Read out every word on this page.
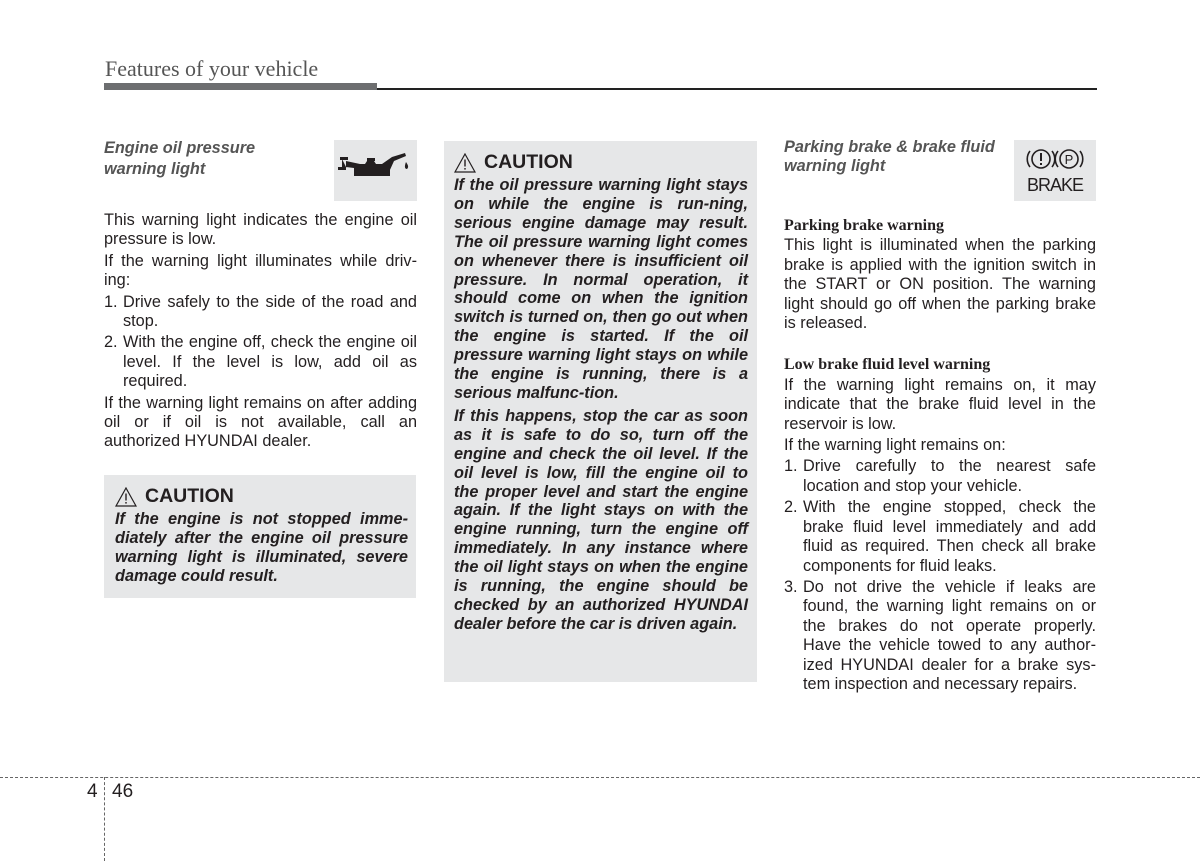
Features of your vehicle
Engine oil pressure warning light

This warning light indicates the engine oil pressure is low.

If the warning light illuminates while driv-ing:

1. Drive safely to the side of the road and stop.
2. With the engine off, check the engine oil level. If the level is low, add oil as required.

If the warning light remains on after adding oil or if oil is not available, call an authorized HYUNDAI dealer.

CAUTION

If the engine is not stopped imme-diately after the engine oil pressure warning light is illuminated, severe damage could result.

CAUTION

If the oil pressure warning light stays on while the engine is run-ning, serious engine damage may result. The oil pressure warning light comes on whenever there is insufficient oil pressure. In normal operation, it should come on when the ignition switch is turned on, then go out when the engine is started. If the oil pressure warning light stays on while the engine is running, there is a serious malfunc-tion.

If this happens, stop the car as soon as it is safe to do so, turn off the engine and check the oil level. If the oil level is low, fill the engine oil to the proper level and start the engine again. If the light stays on with the engine running, turn the engine off immediately. In any instance where the oil light stays on when the engine is running, the engine should be checked by an authorized HYUNDAI dealer before the car is driven again.

Parking brake & brake fluid warning light
Parking brake warning

This light is illuminated when the parking brake is applied with the ignition switch in the START or ON position. The warning light should go off when the parking brake is released.

Low brake fluid level warning

If the warning light remains on, it may indicate that the brake fluid level in the reservoir is low.

If the warning light remains on:

1. Drive carefully to the nearest safe location and stop your vehicle.
2. With the engine stopped, check the brake fluid level immediately and add fluid as required. Then check all brake components for fluid leaks.
3. Do not drive the vehicle if leaks are found, the warning light remains on or the brakes do not operate properly. Have the vehicle towed to any author-ized HYUNDAI dealer for a brake sys-tem inspection and necessary repairs.
P
BRAKE
4 46
